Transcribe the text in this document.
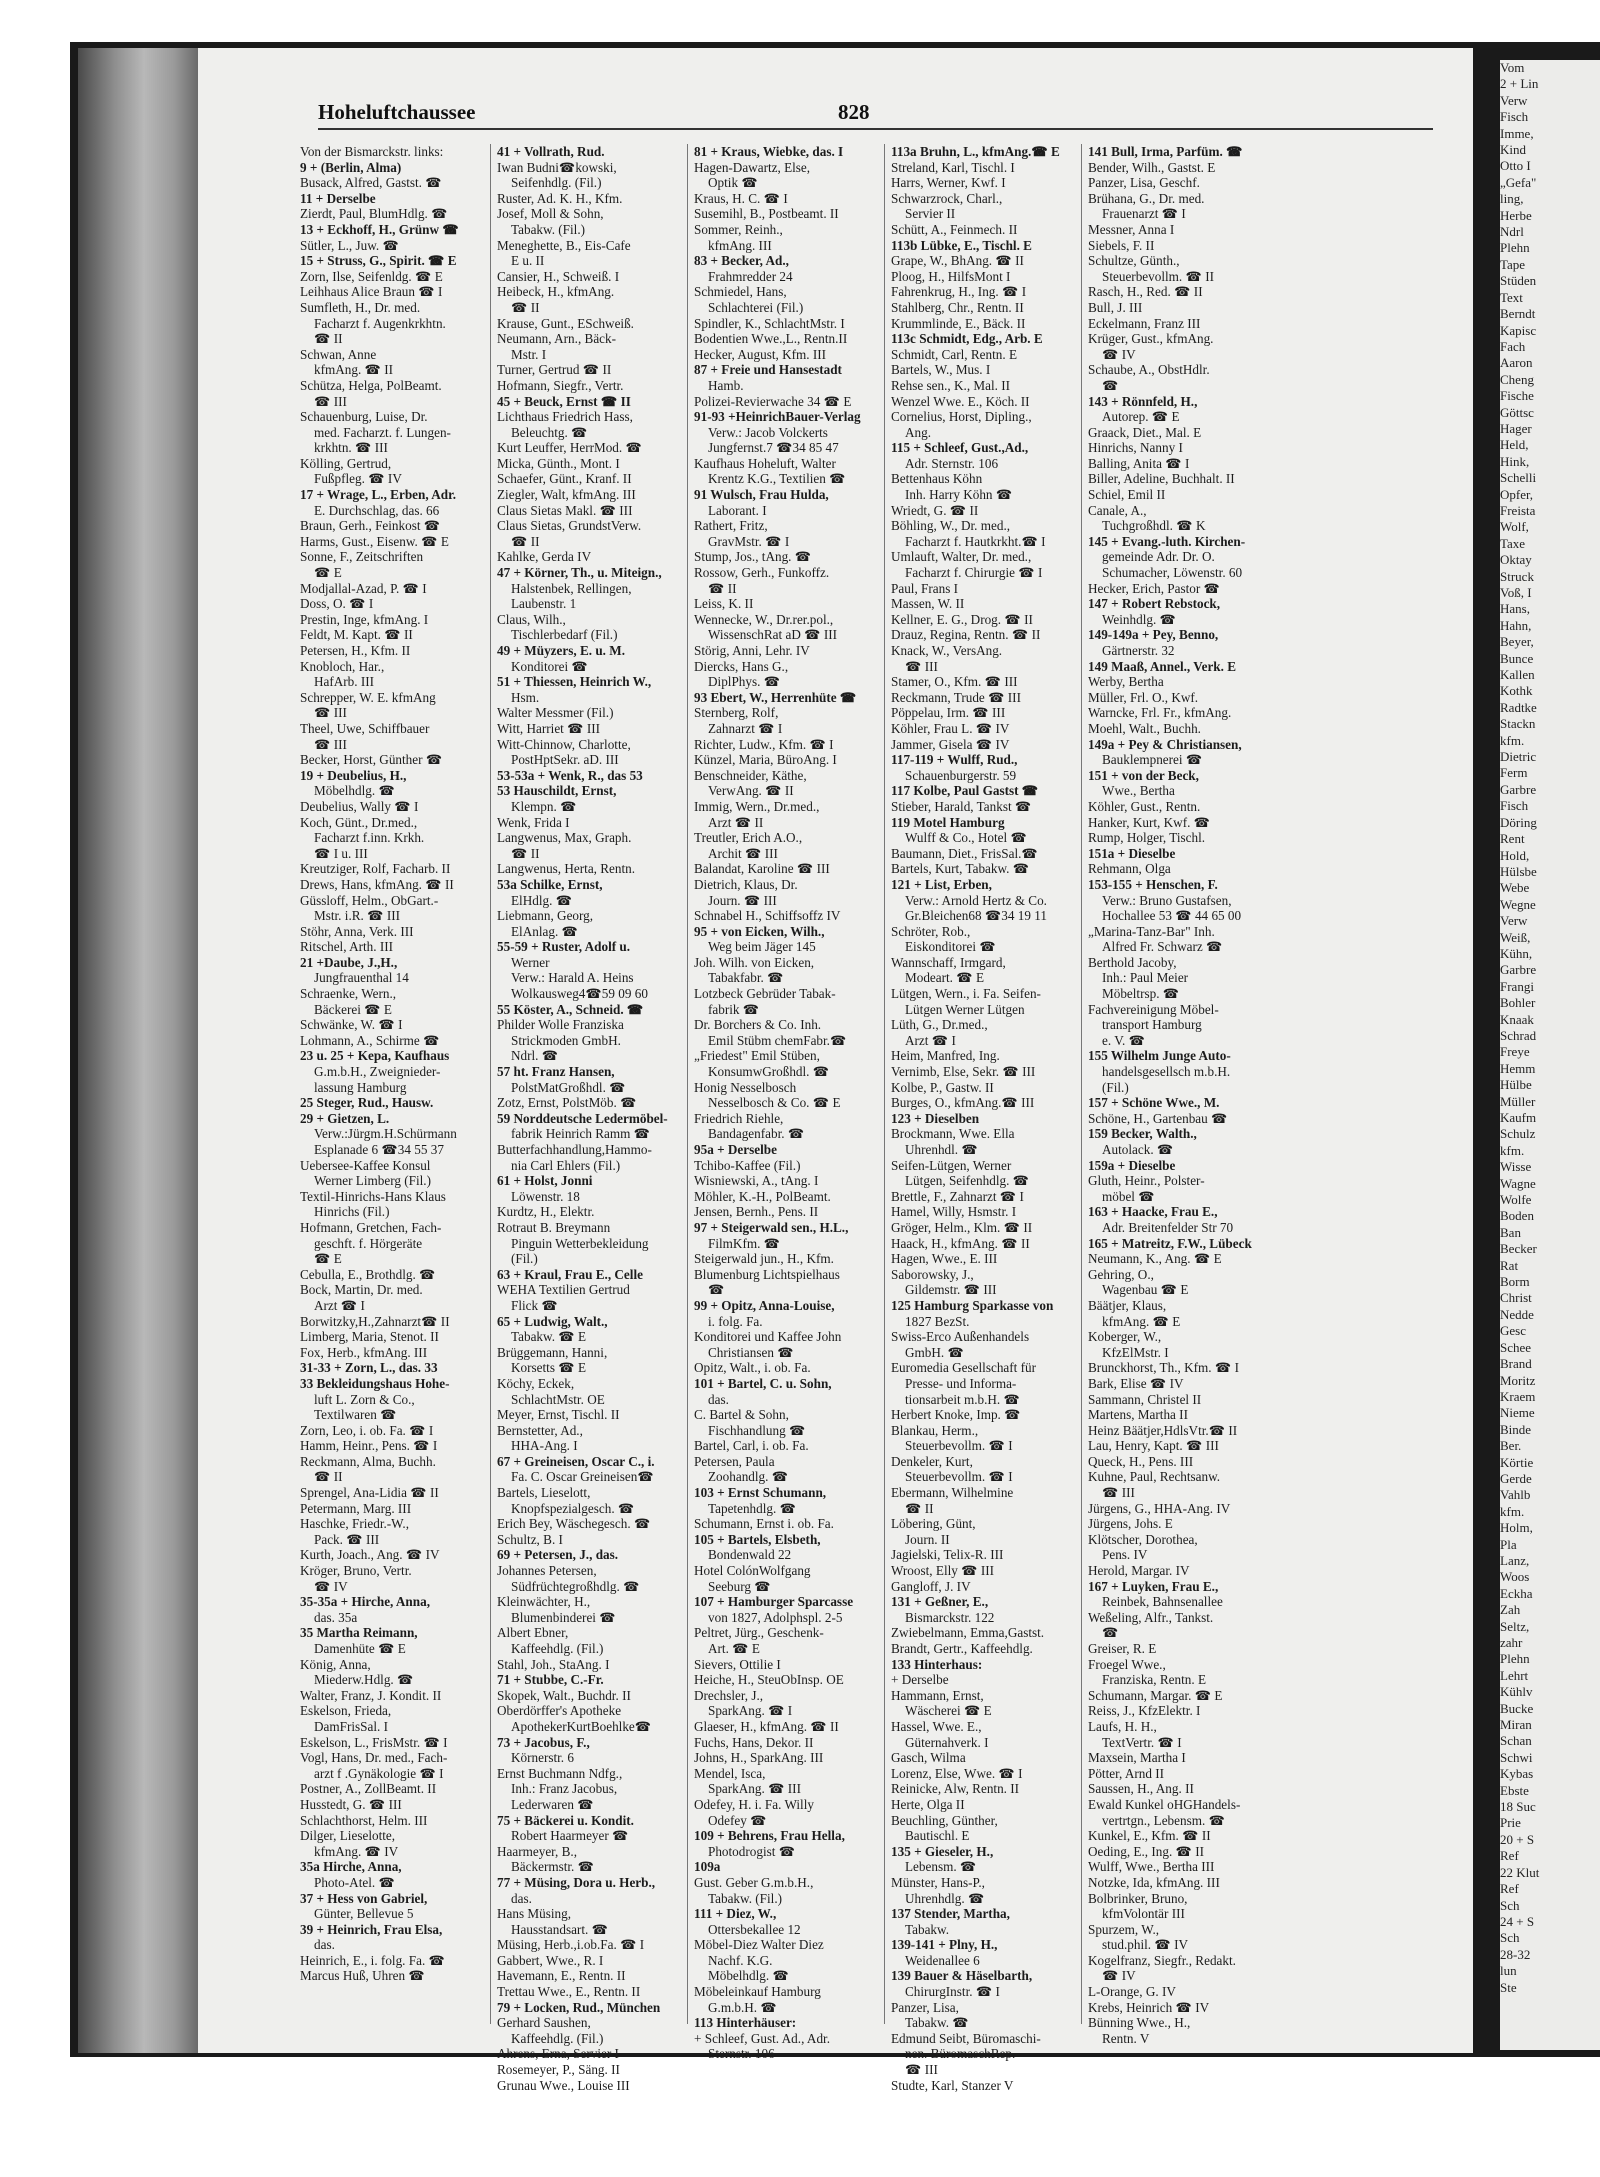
Hoheluftchaussee	828
Von der Bismarckstr. links:
9 + (Berlin, Alma)
Busack, Alfred, Gastst. ☎
11 + Derselbe
Zierdt, Paul, BlumHdlg. ☎
13 + Eckhoff, H., Grünw ☎
Sütler, L., Juw. ☎
15 + Struss, G., Spirit. ☎ E
Zorn, Ilse, Seifenldg. ☎ E
Leihhaus Alice Braun ☎ I
Sumfleth, H., Dr. med.
Facharzt f. Augenkrkhtn.
☎ II
Schwan, Anne
kfmAng. ☎ II
Schütza, Helga, PolBeamt.
☎ III
Schauenburg, Luise, Dr.
med. Facharzt. f. Lungen-
krkhtn. ☎ III
Kölling, Gertrud,
Fußpfleg. ☎ IV
17 + Wrage, L., Erben, Adr.
E. Durchschlag, das. 66
Braun, Gerh., Feinkost ☎
Harms, Gust., Eisenw. ☎ E
Sonne, F., Zeitschriften
☎ E
Modjallal-Azad, P. ☎ I
Doss, O. ☎ I
Prestin, Inge, kfmAng. I
Feldt, M. Kapt. ☎ II
Petersen, H., Kfm. II
Knobloch, Har.,
HafArb. III
Schrepper, W. E. kfmAng
☎ III
Theel, Uwe, Schiffbauer
☎ III
Becker, Horst, Günther ☎
19 + Deubelius, H.,
Möbelhdlg. ☎
Deubelius, Wally ☎ I
Koch, Günt., Dr.med.,
Facharzt f.inn. Krkh.
☎ I u. III
Kreutziger, Rolf, Facharb. II
Drews, Hans, kfmAng. ☎ II
Güssloff, Helm., ObGart.-
Mstr. i.R. ☎ III
Stöhr, Anna, Verk. III
Ritschel, Arth. III
21 +Daube, J.,H.,
Jungfrauenthal 14
Schraenke, Wern.,
Bäckerei ☎ E
Schwänke, W. ☎ I
Lohmann, A., Schirme ☎
23 u. 25 + Kepa, Kaufhaus
G.m.b.H., Zweignieder-
lassung Hamburg
25 Steger, Rud., Hausw.
29 + Gietzen, L.
Verw.:Jürgm.H.Schürmann
Esplanade 6 ☎34 55 37
Uebersee-Kaffee Konsul
Werner Limberg (Fil.)
Textil-Hinrichs-Hans Klaus
Hinrichs (Fil.)
Hofmann, Gretchen, Fach-
geschft. f. Hörgeräte
☎ E
Cebulla, E., Brothdlg. ☎
Bock, Martin, Dr. med.
Arzt ☎ I
Borwitzky,H.,Zahnarzt☎ II
Limberg, Maria, Stenot. II
Fox, Herb., kfmAng. III
31-33 + Zorn, L., das. 33
33 Bekleidungshaus Hohe-
luft L. Zorn & Co.,
Textilwaren ☎
Zorn, Leo, i. ob. Fa. ☎ I
Hamm, Heinr., Pens. ☎ I
Reckmann, Alma, Buchh.
☎ II
Sprengel, Ana-Lidia ☎ II
Petermann, Marg. III
Haschke, Friedr.-W.,
Pack. ☎ III
Kurth, Joach., Ang. ☎ IV
Kröger, Bruno, Vertr.
☎ IV
35-35a + Hirche, Anna,
das. 35a
35 Martha Reimann,
Damenhüte ☎ E
König, Anna,
Miederw.Hdlg. ☎
Walter, Franz, J. Kondit. II
Eskelson, Frieda,
DamFrisSal. I
Eskelson, L., FrisMstr. ☎ I
Vogl, Hans, Dr. med., Fach-
arzt f .Gynäkologie ☎ I
Postner, A., ZollBeamt. II
Husstedt, G. ☎ III
Schlachthorst, Helm. III
Dilger, Lieselotte,
kfmAng. ☎ IV
35a Hirche, Anna,
Photo-Atel. ☎
37 + Hess von Gabriel,
Günter, Bellevue 5
39 + Heinrich, Frau Elsa,
das.
Heinrich, E., i. folg. Fa. ☎
Marcus Huß, Uhren ☎
41 + Vollrath, Rud.
Iwan Budni☎kowski,
Seifenhdlg. (Fil.)
Ruster, Ad. K. H., Kfm.
Josef, Moll & Sohn,
Tabakw. (Fil.)
Meneghette, B., Eis-Cafe
E u. II
Cansier, H., Schweiß. I
Heibeck, H., kfmAng.
☎ II
Krause, Gunt., ESchweiß.
Neumann, Arn., Bäck-
Mstr. I
Turner, Gertrud ☎ II
Hofmann, Siegfr., Vertr.
45 + Beuck, Ernst ☎ II
Lichthaus Friedrich Hass,
Beleuchtg. ☎
Kurt Leuffer, HerrMod. ☎
Micka, Günth., Mont. I
Schaefer, Günt., Kranf. II
Ziegler, Walt, kfmAng. III
Claus Sietas Makl. ☎ III
Claus Sietas, GrundstVerw.
☎ II
Kahlke, Gerda IV
47 + Körner, Th., u. Miteign.,
Halstenbek, Rellingen,
Laubenstr. 1
Claus, Wilh.,
Tischlerbedarf (Fil.)
49 + Müyzers, E. u. M.
Konditorei ☎
51 + Thiessen, Heinrich W.,
Hsm.
Walter Messmer (Fil.)
Witt, Harriet ☎ III
Witt-Chinnow, Charlotte,
PostHptSekr. aD. III
53-53a + Wenk, R., das 53
53 Hauschildt, Ernst,
Klempn. ☎
Wenk, Frida I
Langwenus, Max, Graph.
☎ II
Langwenus, Herta, Rentn.
53a Schilke, Ernst,
ElHdlg. ☎
Liebmann, Georg,
ElAnlag. ☎
55-59 + Ruster, Adolf u.
Werner
Verw.: Harald A. Heins
Wolkausweg4☎59 09 60
55 Köster, A., Schneid. ☎
Philder Wolle Franziska
Strickmoden GmbH.
Ndrl. ☎
57 ht. Franz Hansen,
PolstMatGroßhdl. ☎
Zotz, Ernst, PolstMöb. ☎
59 Norddeutsche Ledermöbel-
fabrik Heinrich Ramm ☎
Butterfachhandlung,Hammo-
nia Carl Ehlers (Fil.)
61 + Holst, Jonni
Löwenstr. 18
Kurdtz, H., Elektr.
Rotraut B. Breymann
Pinguin Wetterbekleidung
(Fil.)
63 + Kraul, Frau E., Celle
WEHA Textilien Gertrud
Flick ☎
65 + Ludwig, Walt.,
Tabakw. ☎ E
Brüggemann, Hanni,
Korsetts ☎ E
Köchy, Eckek,
SchlachtMstr. OE
Meyer, Ernst, Tischl. II
Bernstetter, Ad.,
HHA-Ang. I
67 + Greineisen, Oscar C., i.
Fa. C. Oscar Greineisen☎
Bartels, Lieselott,
Knopfspezialgesch. ☎
Erich Bey, Wäschegesch. ☎
Schultz, B. I
69 + Petersen, J., das.
Johannes Petersen,
Südfrüchtegroßhdlg. ☎
Kleinwächter, H.,
Blumenbinderei ☎
Albert Ebner,
Kaffeehdlg. (Fil.)
Stahl, Joh., StaAng. I
71 + Stubbe, C.-Fr.
Skopek, Walt., Buchdr. II
Oberdörffer's Apotheke
ApothekerKurtBoehlke☎
73 + Jacobus, F.,
Körnerstr. 6
Ernst Buchmann Ndfg.,
Inh.: Franz Jacobus,
Lederwaren ☎
75 + Bäckerei u. Kondit.
Robert Haarmeyer ☎
Haarmeyer, B.,
Bäckermstr. ☎
77 + Müsing, Dora u. Herb.,
das.
Hans Müsing,
Hausstandsart. ☎
Müsing, Herb.,i.ob.Fa. ☎ I
Gabbert, Wwe., R. I
Havemann, E., Rentn. II
Trettau Wwe., E., Rentn. II
79 + Locken, Rud., München
Gerhard Saushen,
Kaffeehdlg. (Fil.)
Ahrens, Erna, Servier I
Rosemeyer, P., Säng. II
Grunau Wwe., Louise III
81 + Kraus, Wiebke, das. I
Hagen-Dawartz, Else,
Optik ☎
Kraus, H. C. ☎ I
Susemihl, B., Postbeamt. II
Sommer, Reinh.,
kfmAng. III
83 + Becker, Ad.,
Frahmredder 24
Schmiedel, Hans,
Schlachterei (Fil.)
Spindler, K., SchlachtMstr. I
Bodentien Wwe.,L., Rentn.II
Hecker, August, Kfm. III
87 + Freie und Hansestadt
Hamb.
Polizei-Revierwache 34 ☎ E
91-93 +HeinrichBauer-Verlag
Verw.: Jacob Volckerts
Jungfernst.7 ☎34 85 47
Kaufhaus Hoheluft, Walter
Krentz K.G., Textilien ☎
91 Wulsch, Frau Hulda,
Laborant. I
Rathert, Fritz,
GravMstr. ☎ I
Stump, Jos., tAng. ☎
Rossow, Gerh., Funkoffz.
☎ II
Leiss, K. II
Wennecke, W., Dr.rer.pol.,
WissenschRat aD ☎ III
Störig, Anni, Lehr. IV
Diercks, Hans G.,
DiplPhys. ☎
93 Ebert, W., Herrenhüte ☎
Sternberg, Rolf,
Zahnarzt ☎ I
Richter, Ludw., Kfm. ☎ I
Künzel, Maria, BüroAng. I
Benschneider, Käthe,
VerwAng. ☎ II
Immig, Wern., Dr.med.,
Arzt ☎ II
Treutler, Erich A.O.,
Archit ☎ III
Balandat, Karoline ☎ III
Dietrich, Klaus, Dr.
Journ. ☎ III
Schnabel H., Schiffsoffz IV
95 + von Eicken, Wilh.,
Weg beim Jäger 145
Joh. Wilh. von Eicken,
Tabakfabr. ☎
Lotzbeck Gebrüder Tabak-
fabrik ☎
Dr. Borchers & Co. Inh.
Emil Stübm chemFabr.☎
„Friedest" Emil Stüben,
KonsumwGroßhdl. ☎
Honig Nesselbosch
Nesselbosch & Co. ☎ E
Friedrich Riehle,
Bandagenfabr. ☎
95a + Derselbe
Tchibo-Kaffee (Fil.)
Wisniewski, A., tAng. I
Möhler, K.-H., PolBeamt.
Jensen, Bernh., Pens. II
97 + Steigerwald sen., H.L.,
FilmKfm. ☎
Steigerwald jun., H., Kfm.
Blumenburg Lichtspielhaus
☎
99 + Opitz, Anna-Louise,
i. folg. Fa.
Konditorei und Kaffee John
Christiansen ☎
Opitz, Walt., i. ob. Fa.
101 + Bartel, C. u. Sohn,
das.
C. Bartel & Sohn,
Fischhandlung ☎
Bartel, Carl, i. ob. Fa.
Petersen, Paula
Zoohandlg. ☎
103 + Ernst Schumann,
Tapetenhdlg. ☎
Schumann, Ernst i. ob. Fa.
105 + Bartels, Elsbeth,
Bondenwald 22
Hotel ColónWolfgang
Seeburg ☎
107 + Hamburger Sparcasse
von 1827, Adolphspl. 2-5
Peltret, Jürg., Geschenk-
Art. ☎ E
Sievers, Ottilie I
Heiche, H., SteuObInsp. OE
Drechsler, J.,
SparkAng. ☎ I
Glaeser, H., kfmAng. ☎ II
Fuchs, Hans, Dekor. II
Johns, H., SparkAng. III
Mendel, Isca,
SparkAng. ☎ III
Odefey, H. i. Fa. Willy
Odefey ☎
109 + Behrens, Frau Hella,
Photodrogist ☎
109a
Gust. Geber G.m.b.H.,
Tabakw. (Fil.)
111 + Diez, W.,
Ottersbekallee 12
Möbel-Diez Walter Diez
Nachf. K.G.
Möbelhdlg. ☎
Möbeleinkauf Hamburg
G.m.b.H. ☎
113 Hinterhäuser:
+ Schleef, Gust. Ad., Adr.
Sternstr. 106
113a Bruhn, L., kfmAng.☎ E
Streland, Karl, Tischl. I
Harrs, Werner, Kwf. I
Schwarzrock, Charl.,
Servier II
Schütt, A., Feinmech. II
113b Lübke, E., Tischl. E
Grape, W., BhAng. ☎ II
Ploog, H., HilfsMont I
Fahrenkrug, H., Ing. ☎ I
Stahlberg, Chr., Rentn. II
Krummlinde, E., Bäck. II
113c Schmidt, Edg., Arb. E
Schmidt, Carl, Rentn. E
Bartels, W., Mus. I
Rehse sen., K., Mal. II
Wenzel Wwe. E., Köch. II
Cornelius, Horst, Dipling.,
Ang.
115 + Schleef, Gust.,Ad.,
Adr. Sternstr. 106
Bettenhaus Köhn
Inh. Harry Köhn ☎
Wriedt, G. ☎ II
Böhling, W., Dr. med.,
Facharzt f. Hautkrkht.☎ I
Umlauft, Walter, Dr. med.,
Facharzt f. Chirurgie ☎ I
Paul, Frans I
Massen, W. II
Kellner, E. G., Drog. ☎ II
Drauz, Regina, Rentn. ☎ II
Knack, W., VersAng.
☎ III
Stamer, O., Kfm. ☎ III
Reckmann, Trude ☎ III
Pöppelau, Irm. ☎ III
Köhler, Frau L. ☎ IV
Jammer, Gisela ☎ IV
117-119 + Wulff, Rud.,
Schauenburgerstr. 59
117 Kolbe, Paul Gastst ☎
Stieber, Harald, Tankst ☎
119 Motel Hamburg
Wulff & Co., Hotel ☎
Baumann, Diet., FrisSal.☎
Bartels, Kurt, Tabakw. ☎
121 + List, Erben,
Verw.: Arnold Hertz & Co.
Gr.Bleichen68 ☎34 19 11
Schröter, Rob.,
Eiskonditorei ☎
Wannschaff, Irmgard,
Modeart. ☎ E
Lütgen, Wern., i. Fa. Seifen-
Lütgen Werner Lütgen
Lüth, G., Dr.med.,
Arzt ☎ I
Heim, Manfred, Ing.
Vernimb, Else, Sekr. ☎ III
Kolbe, P., Gastw. II
Burges, O., kfmAng.☎ III
123 + Dieselben
Brockmann, Wwe. Ella
Uhrenhdl. ☎
Seifen-Lütgen, Werner
Lütgen, Seifenhdlg. ☎
Brettle, F., Zahnarzt ☎ I
Hamel, Willy, Hsmstr. I
Gröger, Helm., Klm. ☎ II
Haack, H., kfmAng. ☎ II
Hagen, Wwe., E. III
Saborowsky, J.,
Gildemstr. ☎ III
125 Hamburg Sparkasse von
1827 BezSt.
Swiss-Erco Außenhandels
GmbH. ☎
Euromedia Gesellschaft für
Presse- und Informa-
tionsarbeit m.b.H. ☎
Herbert Knoke, Imp. ☎
Blankau, Herm.,
Steuerbevollm. ☎ I
Denkeler, Kurt,
Steuerbevollm. ☎ I
Ebermann, Wilhelmine
☎ II
Löbering, Günt,
Journ. II
Jagielski, Telix-R. III
Wroost, Elly ☎ III
Gangloff, J. IV
131 + Geßner, E.,
Bismarckstr. 122
Zwiebelmann, Emma,Gastst.
Brandt, Gertr., Kaffeehdlg.
133 Hinterhaus:
+ Derselbe
Hammann, Ernst,
Wäscherei ☎ E
Hassel, Wwe. E.,
Güternahverk. I
Gasch, Wilma
Lorenz, Else, Wwe. ☎ I
Reinicke, Alw, Rentn. II
Herte, Olga II
Beuchling, Günther,
Bautischl. E
135 + Gieseler, H.,
Lebensm. ☎
Münster, Hans-P.,
Uhrenhdlg. ☎
137 Stender, Martha,
Tabakw.
139-141 + Plny, H.,
Weidenallee 6
139 Bauer & Häselbarth,
ChirurgInstr. ☎ I
Panzer, Lisa,
Tabakw. ☎
Edmund Seibt, Büromaschi-
nen. BüromaschRep.
☎ III
Studte, Karl, Stanzer V
141 Bull, Irma, Parfüm. ☎
Bender, Wilh., Gastst. E
Panzer, Lisa, Geschf.
Brühana, G., Dr. med.
Frauenarzt ☎ I
Messner, Anna I
Siebels, F. II
Schultze, Günth.,
Steuerbevollm. ☎ II
Rasch, H., Red. ☎ II
Bull, J. III
Eckelmann, Franz III
Krüger, Gust., kfmAng.
☎ IV
Schaube, A., ObstHdlr.
☎
143 + Rönnfeld, H.,
Autorep. ☎ E
Graack, Diet., Mal. E
Hinrichs, Nanny I
Balling, Anita ☎ I
Biller, Adeline, Buchhalt. II
Schiel, Emil II
Canale, A.,
Tuchgroßhdl. ☎ K
145 + Evang.-luth. Kirchen-
gemeinde Adr. Dr. O.
Schumacher, Löwenstr. 60
Hecker, Erich, Pastor ☎
147 + Robert Rebstock,
Weinhdlg. ☎
149-149a + Pey, Benno,
Gärtnerstr. 32
149 Maaß, Annel., Verk. E
Werby, Bertha
Müller, Frl. O., Kwf.
Warncke, Frl. Fr., kfmAng.
Moehl, Walt., Buchh.
149a + Pey & Christiansen,
Bauklempnerei ☎
151 + von der Beck,
Wwe., Bertha
Köhler, Gust., Rentn.
Hanker, Kurt, Kwf. ☎
Rump, Holger, Tischl.
151a + Dieselbe
Rehmann, Olga
153-155 + Henschen, F.
Verw.: Bruno Gustafsen,
Hochallee 53 ☎ 44 65 00
„Marina-Tanz-Bar" Inh.
Alfred Fr. Schwarz ☎
Berthold Jacoby,
Inh.: Paul Meier
Möbeltrsp. ☎
Fachvereinigung Möbel-
transport Hamburg
e. V. ☎
155 Wilhelm Junge Auto-
handelsgesellsch m.b.H.
(Fil.)
157 + Schöne Wwe., M.
Schöne, H., Gartenbau ☎
159 Becker, Walth.,
Autolack. ☎
159a + Dieselbe
Gluth, Heinr., Polster-
möbel ☎
163 + Haacke, Frau E.,
Adr. Breitenfelder Str 70
165 + Matreitz, F.W., Lübeck
Neumann, K., Ang. ☎ E
Gehring, O.,
Wagenbau ☎ E
Bäätjer, Klaus,
kfmAng. ☎ E
Koberger, W.,
KfzElMstr. I
Brunckhorst, Th., Kfm. ☎ I
Bark, Elise ☎ IV
Sammann, Christel II
Martens, Martha II
Heinz Bäätjer,HdlsVtr.☎ II
Lau, Henry, Kapt. ☎ III
Queck, H., Pens. III
Kuhne, Paul, Rechtsanw.
☎ III
Jürgens, G., HHA-Ang. IV
Jürgens, Johs. E
Klötscher, Dorothea,
Pens. IV
Herold, Margar. IV
167 + Luyken, Frau E.,
Reinbek, Bahnsenallee
Weßeling, Alfr., Tankst.
☎
Greiser, R. E
Froegel Wwe.,
Franziska, Rentn. E
Schumann, Margar. ☎ E
Reiss, J., KfzElektr. I
Laufs, H. H.,
TextVertr. ☎ I
Maxsein, Martha I
Pötter, Arnd II
Saussen, H., Ang. II
Ewald Kunkel oHGHandels-
vertrtgn., Lebensm. ☎
Kunkel, E., Kfm. ☎ II
Oeding, E., Ing. ☎ II
Wulff, Wwe., Bertha III
Notzke, Ida, kfmAng. III
Bolbrinker, Bruno,
kfmVolontär III
Spurzem, W.,
stud.phil. ☎ IV
Kogelfranz, Siegfr., Redakt.
☎ IV
L-Orange, G. IV
Krebs, Heinrich ☎ IV
Bünning Wwe., H.,
Rentn. V
Vom
2 + Lin
Verw
Fisch
Imme,
Kind
Otto I
„Gefa"
ling,
Herbe
Ndrl
Plehn
Tape
Stüden
Text
Berndt
Kapisc
Fach
Aaron
Cheng
Fische
Göttsc
Hager
Held,
Hink,
Schelli
Opfer,
Freista
Wolf,
Taxe
Oktay
Struck
Voß, I
Hans,
Hahn,
Beyer,
Bunce
Kallen
Kothk
Radtke
Stackn
kfm.
Dietric
Ferm
Garbre
Fisch
Döring
Rent
Hold,
Hülsbe
Webe
Wegne
Verw
Weiß,
Kühn,
Garbre
Frangi
Bohler
Knaak
Schrad
Freye
Hemm
Hülbe
Müller
Kaufm
Schulz
kfm.
Wisse
Wagne
Wolfe
Boden
Ban
Becker
Rat
Borm
Christ
Nedde
Gesc
Schee
Brand
Moritz
Kraem
Nieme
Binde
Ber.
Körtie
Gerde
Vahlb
kfm.
Holm,
Pla
Lanz,
Woos
Eckha
Zah
Seltz,
zahr
Plehn
Lehrt
Kühlv
Bucke
Miran
Schan
Schwi
Kybas
Ebste
18 Suc
Prie
20 + S
Ref
22 Klut
Ref
Sch
24 + S
Sch
28-32
lun
Ste
